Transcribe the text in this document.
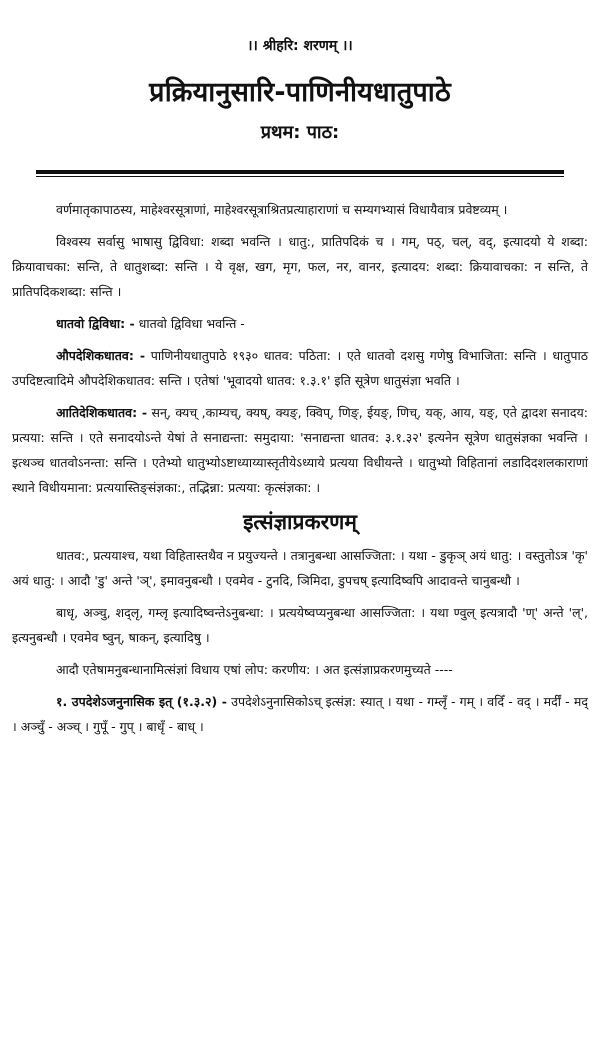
।। श्रीहरि: शरणम् ।।
प्रक्रियानुसारि-पाणिनीयधातुपाठे
प्रथम: पाठ:

वर्णमातृकापाठस्य, माहेश्वरसूत्राणां, माहेश्वरसूत्राश्रितप्रत्याहाराणां च सम्यगभ्यासं विधायैवात्र प्रवेष्टव्यम् ।

विश्वस्य सर्वासु भाषासु द्विविधा: शब्दा भवन्ति । धातु:, प्रातिपदिकं च । गम्, पठ्, चल्, वद्, इत्यादयो ये शब्दा: क्रियावाचका: सन्ति, ते धातुशब्दा: सन्ति । ये वृक्ष, खग, मृग, फल, नर, वानर, इत्यादय: शब्दा: क्रियावाचका: न सन्ति, ते प्रातिपदिकशब्दा: सन्ति ।

धातवो द्विविधा: - धातवो द्विविधा भवन्ति -

औपदेशिकधातव: - पाणिनीयधातुपाठे १९३० धातव: पठिता: । एते धातवो दशसु गणेषु विभाजिता: सन्ति । धातुपाठ उपदिष्टत्वादिमे औपदेशिकधातव: सन्ति । एतेषां 'भूवादयो धातव: १.३.१' इति सूत्रेण धातुसंज्ञा भवति ।

आतिदेशिकधातव: - सन्, क्यच् ,काम्यच्, क्यष्, क्यङ्, क्विप्, णिङ्, ईयङ्, णिच्, यक्, आय, यङ्, एते द्वादश सनादय: प्रत्यया: सन्ति । एते सनादयोऽन्ते येषां ते सनाद्यन्ता: समुदाया: 'सनाद्यन्ता धातव: ३.१.३२' इत्यनेन सूत्रेण धातुसंज्ञका भवन्ति । इत्थञ्च धातवोऽनन्ता: सन्ति । एतेभ्यो धातुभ्योऽष्टाध्याय्यास्तृतीयेऽध्याये प्रत्यया विधीयन्ते । धातुभ्यो विहितानां लडादिदशलकाराणां स्थाने विधीयमाना: प्रत्ययास्तिङ्संज्ञका:, तद्भिन्ना: प्रत्यया: कृत्संज्ञका: ।

इत्संज्ञाप्रकरणम्

धातव:, प्रत्ययाश्च, यथा विहितास्तथैव न प्रयुज्यन्ते । तत्रानुबन्धा आसज्जिता: । यथा - डुकृञ् अयं धातु: । वस्तुतोऽत्र 'कृ' अयं धातु: । आदौ 'डु' अन्ते 'ञ्', इमावनुबन्धौ । एवमेव - टुनदि, ञिमिदा, डुपचष् इत्यादिष्वपि आदावन्ते चानुबन्धौ ।

बाधृ, अञ्चु, शद्लृ, गम्लृ इत्यादिष्वन्तेऽनुबन्धा: । प्रत्ययेष्वप्यनुबन्धा आसज्जिता: । यथा ण्वुल् इत्यत्रादौ 'ण्' अन्ते 'ल्', इत्यनुबन्धौ । एवमेव ष्वुन्, षाकन्, इत्यादिषु ।

आदौ एतेषामनुबन्धानामित्संज्ञां विधाय एषां लोप: करणीय: । अत इत्संज्ञाप्रकरणमुच्यते ----

१. उपदेशेऽजनुनासिक इत् (१.३.२) - उपदेशेऽनुनासिकोऽच् इत्संज्ञ: स्यात् । यथा - गम्लृँ - गम् । वदिँ - वद् । मर्दीं - मद् । अञ्चुँ - अञ्च् । गुपूँ - गुप् । बाधृँ - बाध् ।
